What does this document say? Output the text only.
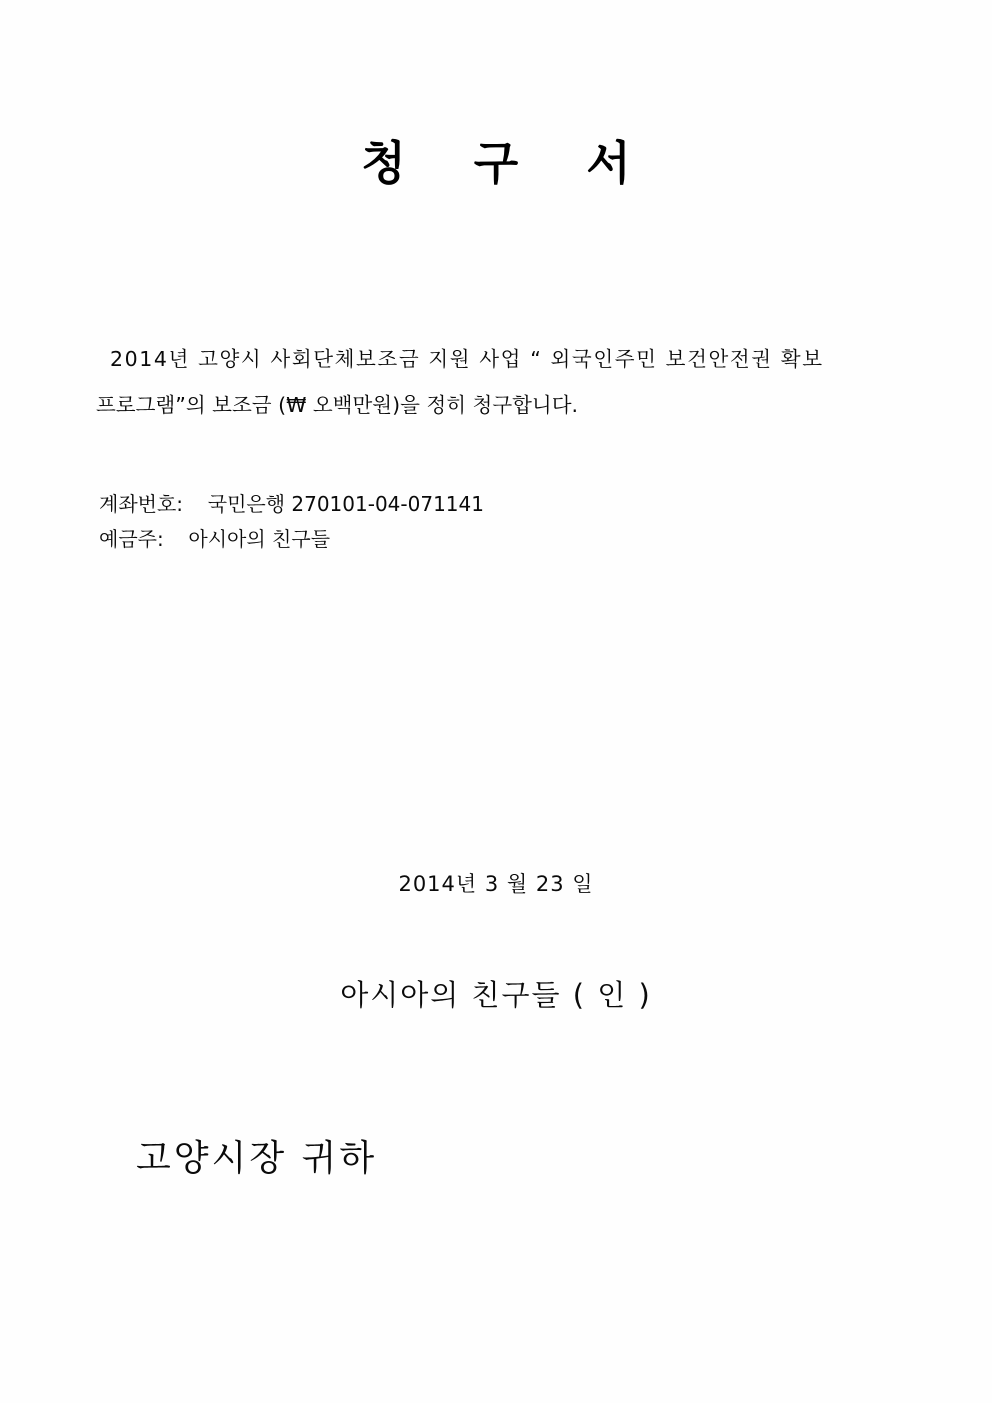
청 구 서
2014년 고양시 사회단체보조금 지원 사업 “ 외국인주민 보건안전권 확보
프로그램”의 보조금 (₩ 오백만원)을 정히 청구합니다.
계좌번호: 국민은행 270101-04-071141
예금주: 아시아의 친구들
2014년 3 월 23 일
아시아의 친구들 ( 인 )
고양시장 귀하
